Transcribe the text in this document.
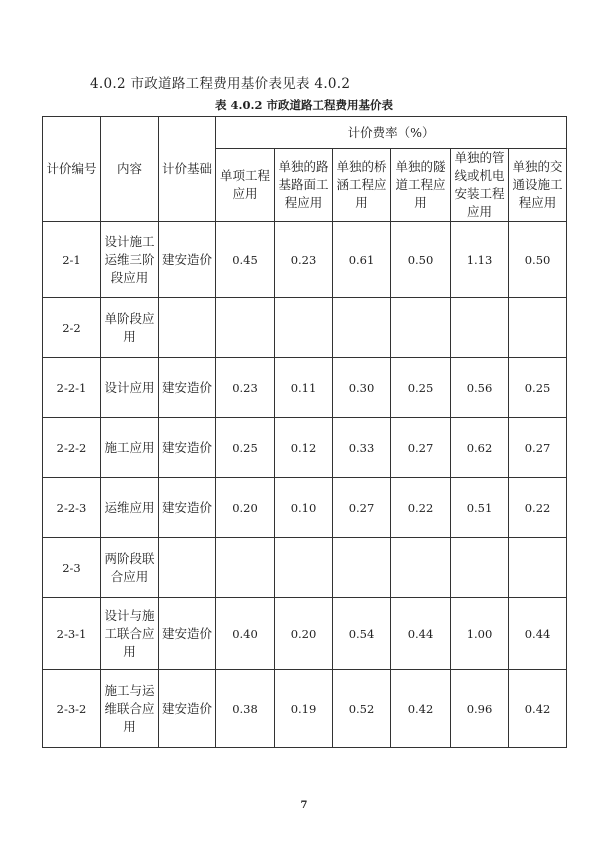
4.0.2 市政道路工程费用基价表见表 4.0.2
表 4.0.2 市政道路工程费用基价表
计价编号	内容	计价基础	计价费率（%）					
			单项工程应用	单独的路基路面工程应用	单独的桥涵工程应用	单独的隧道工程应用	单独的管线或机电安装工程应用	单独的交通设施工程应用
2-1	设计施工运维三阶段应用	建安造价	0.45	0.23	0.61	0.50	1.13	0.50
2-2	单阶段应用							
2-2-1	设计应用	建安造价	0.23	0.11	0.30	0.25	0.56	0.25
2-2-2	施工应用	建安造价	0.25	0.12	0.33	0.27	0.62	0.27
2-2-3	运维应用	建安造价	0.20	0.10	0.27	0.22	0.51	0.22
2-3	两阶段联合应用							
2-3-1	设计与施工联合应用	建安造价	0.40	0.20	0.54	0.44	1.00	0.44
2-3-2	施工与运维联合应用	建安造价	0.38	0.19	0.52	0.42	0.96	0.42
7
